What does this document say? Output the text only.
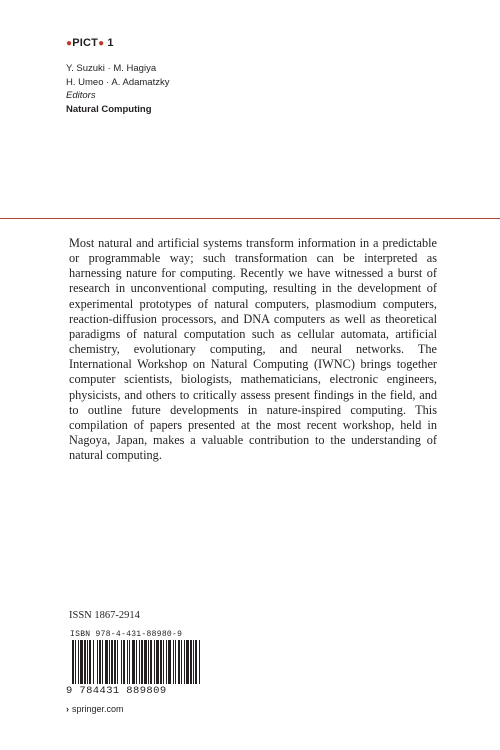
●PICT● 1
Y. Suzuki · M. Hagiya
H. Umeo · A. Adamatzky
Editors
Natural Computing

Most natural and artificial systems transform information in a predictable or programmable way; such transformation can be interpreted as harnessing nature for computing. Recently we have witnessed a burst of research in unconventional computing, resulting in the development of experimental prototypes of natural computers, plasmodium computers, reaction-diffusion processors, and DNA computers as well as theoretical paradigms of natural computation such as cellular automata, artificial chemistry, evolutionary computing, and neural networks. The International Workshop on Natural Computing (IWNC) brings together computer scientists, biologists, mathematicians, electronic engineers, physicists, and others to critically assess present findings in the field, and to outline future developments in nature-inspired computing. This compilation of papers presented at the most recent workshop, held in Nagoya, Japan, makes a valuable contribution to the understanding of natural computing.

ISSN 1867-2914
ISBN 978-4-431-88980-9
9 784431 889809
› springer.com
